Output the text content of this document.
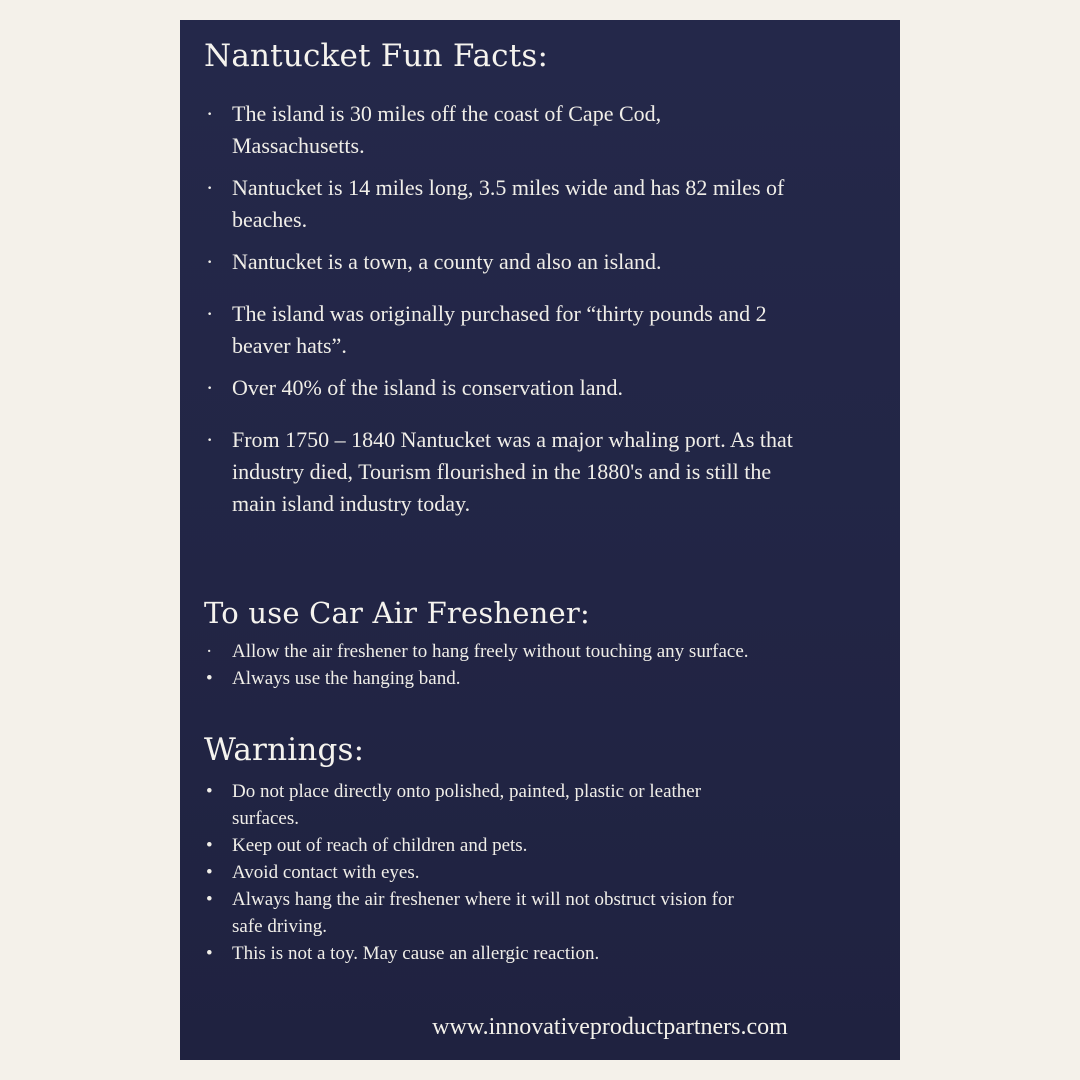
Nantucket Fun Facts:
· The island is 30 miles off the coast of Cape Cod, Massachusetts.
· Nantucket is 14 miles long, 3.5 miles wide and has 82 miles of beaches.
· Nantucket is a town, a county and also an island.
· The island was originally purchased for “thirty pounds and 2 beaver hats”.
· Over 40% of the island is conservation land.
· From 1750 – 1840 Nantucket was a major whaling port. As that industry died, Tourism flourished in the 1880's and is still the main island industry today.
To use Car Air Freshener:
· Allow the air freshener to hang freely without touching any surface.
• Always use the hanging band.
Warnings:
• Do not place directly onto polished, painted, plastic or leather surfaces.
• Keep out of reach of children and pets.
• Avoid contact with eyes.
• Always hang the air freshener where it will not obstruct vision for safe driving.
• This is not a toy. May cause an allergic reaction.
www.innovativeproductpartners.com
